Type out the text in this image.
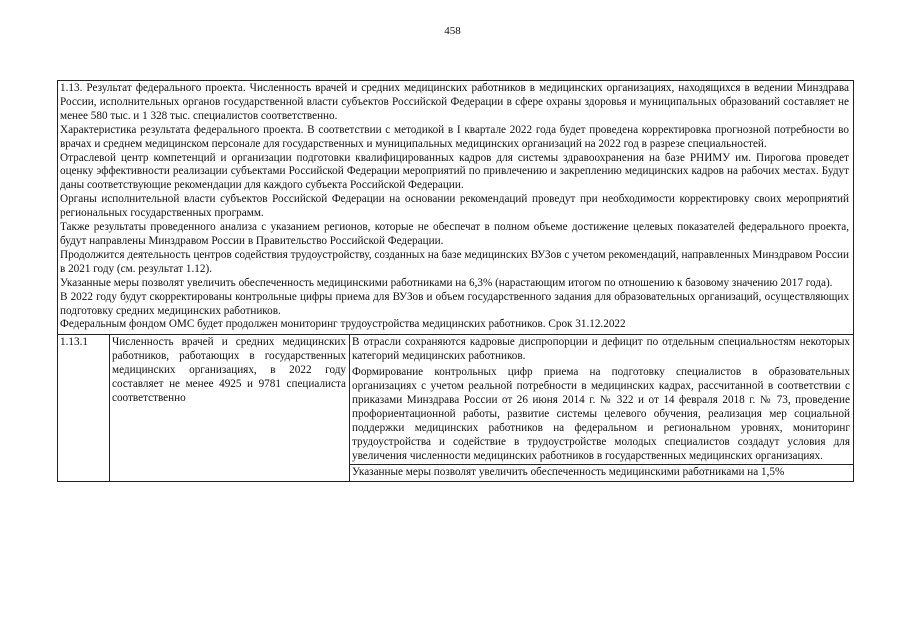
458

1.13. Результат федерального проекта. Численность врачей и средних медицинских работников в медицинских организациях, находящихся в ведении Минздрава России, исполнительных органов государственной власти субъектов Российской Федерации в сфере охраны здоровья и муниципальных образований составляет не менее 580 тыс. и 1 328 тыс. специалистов соответственно.

Характеристика результата федерального проекта. В соответствии с методикой в I квартале 2022 года будет проведена корректировка прогнозной потребности во врачах и среднем медицинском персонале для государственных и муниципальных медицинских организаций на 2022 год в разрезе специальностей.

Отраслевой центр компетенций и организации подготовки квалифицированных кадров для системы здравоохранения на базе РНИМУ им. Пирогова проведет оценку эффективности реализации субъектами Российской Федерации мероприятий по привлечению и закреплению медицинских кадров на рабочих местах. Будут даны соответствующие рекомендации для каждого субъекта Российской Федерации.

Органы исполнительной власти субъектов Российской Федерации на основании рекомендаций проведут при необходимости корректировку своих мероприятий региональных государственных программ.

Также результаты проведенного анализа с указанием регионов, которые не обеспечат в полном объеме достижение целевых показателей федерального проекта, будут направлены Минздравом России в Правительство Российской Федерации.

Продолжится деятельность центров содействия трудоустройству, созданных на базе медицинских ВУЗов с учетом рекомендаций, направленных Минздравом России в 2021 году (см. результат 1.12).

Указанные меры позволят увеличить обеспеченность медицинскими работниками на 6,3% (нарастающим итогом по отношению к базовому значению 2017 года).

В 2022 году будут скорректированы контрольные цифры приема для ВУЗов и объем государственного задания для образовательных организаций, осуществляющих подготовку средних медицинских работников.

Федеральным фондом ОМС будет продолжен мониторинг трудоустройства медицинских работников. Срок 31.12.2022

1.13.1	Численность врачей и средних медицинских работников, работающих в государственных медицинских организациях, в 2022 году составляет не менее 4925 и 9781 специалиста соответственно

В отрасли сохраняются кадровые диспропорции и дефицит по отдельным специальностям некоторых категорий медицинских работников.

Формирование контрольных цифр приема на подготовку специалистов в образовательных организациях с учетом реальной потребности в медицинских кадрах, рассчитанной в соответствии с приказами Минздрава России от 26 июня 2014 г. № 322 и от 14 февраля 2018 г. № 73, проведение профориентационной работы, развитие системы целевого обучения, реализация мер социальной поддержки медицинских работников на федеральном и региональном уровнях, мониторинг трудоустройства и содействие в трудоустройстве молодых специалистов создадут условия для увеличения численности медицинских работников в государственных медицинских организациях.

Указанные меры позволят увеличить обеспеченность медицинскими работниками на 1,5%
